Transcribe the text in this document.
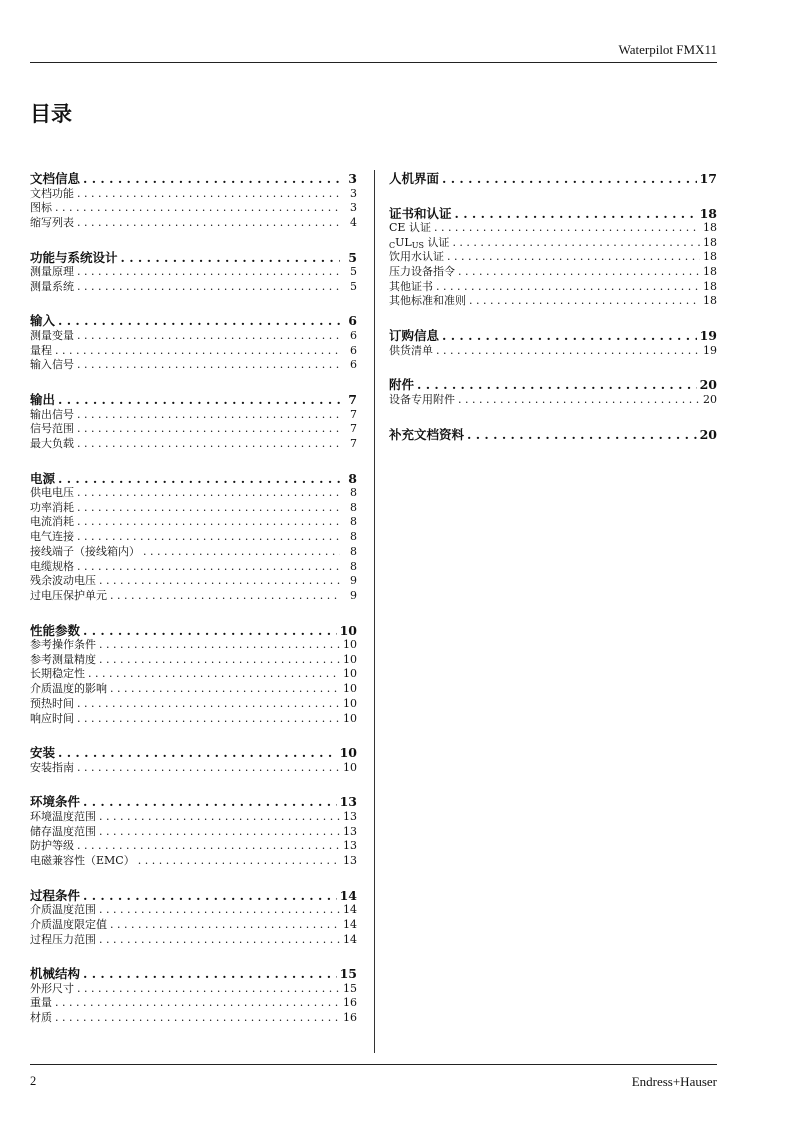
Waterpilot FMX11
目录
文档信息 . . .	3
文档功能 . . .	3
图标 . . .	3
缩写列表 . . .	4
功能与系统设计 . . .	5
测量原理 . . .	5
测量系统 . . .	5
输入 . . .	6
测量变量 . . .	6
量程 . . .	6
输入信号 . . .	6
输出 . . .	7
输出信号 . . .	7
信号范围 . . .	7
最大负载 . . .	7
电源 . . .	8
供电电压 . . .	8
功率消耗 . . .	8
电流消耗 . . .	8
电气连接 . . .	8
接线端子（接线箱内） . . .	8
电缆规格 . . .	8
残余波动电压 . . .	9
过电压保护单元 . . .	9
性能参数 . . .	10
参考操作条件 . . .	10
参考测量精度 . . .	10
长期稳定性 . . .	10
介质温度的影响 . . .	10
预热时间 . . .	10
响应时间 . . .	10
安装 . . .	10
安装指南 . . .	10
环境条件 . . .	13
环境温度范围 . . .	13
储存温度范围 . . .	13
防护等级 . . .	13
电磁兼容性（EMC） . . .	13
过程条件 . . .	14
介质温度范围 . . .	14
介质温度限定值 . . .	14
过程压力范围 . . .	14
机械结构 . . .	15
外形尺寸 . . .	15
重量 . . .	16
材质 . . .	16
人机界面 . . .	17
证书和认证 . . .	18
CE 认证 . . .	18
CULUS 认证 . . .	18
饮用水认证 . . .	18
压力设备指令 . . .	18
其他证书 . . .	18
其他标准和准则 . . .	18
订购信息 . . .	19
供货清单 . . .	19
附件 . . .	20
设备专用附件 . . .	20
补充文档资料 . . .	20
2	Endress+Hauser
